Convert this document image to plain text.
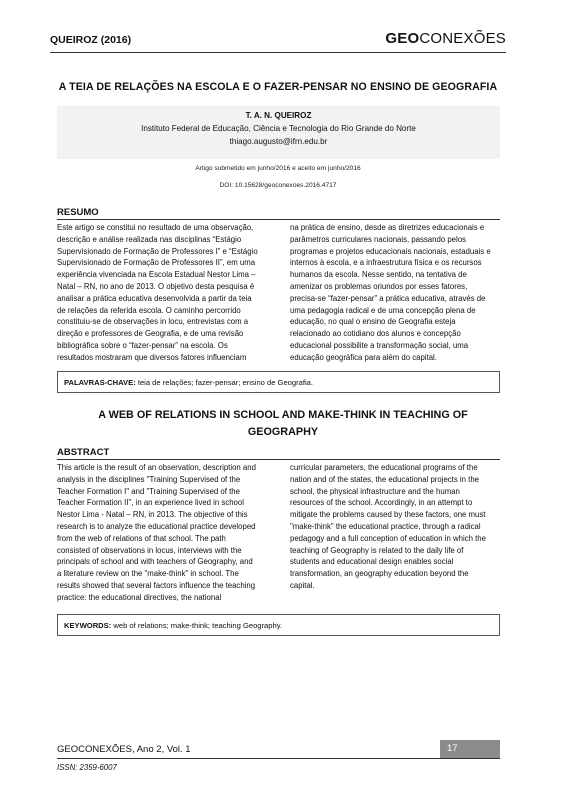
QUEIROZ (2016)	GEOCONEXÕES
A TEIA DE RELAÇÕES NA ESCOLA E O FAZER-PENSAR NO ENSINO DE GEOGRAFIA
T. A. N. QUEIROZ
Instituto Federal de Educação, Ciência e Tecnologia do Rio Grande do Norte
thiago.augusto@ifrn.edu.br
Artigo submetido em junho/2016 e aceito em junho/2016
DOI: 10.15628/geoconexoes.2016.4717
RESUMO
Este artigo se constitui no resultado de uma observação,
descrição e análise realizada nas disciplinas “Estágio
Supervisionado de Formação de Professores I” e “Estágio
Supervisionado de Formação de Professores II”, em uma
experiência vivenciada na Escola Estadual Nestor Lima –
Natal – RN, no ano de 2013. O objetivo desta pesquisa é
analisar a prática educativa desenvolvida a partir da teia
de relações da referida escola. O caminho percorrido
constituiu-se de observações in locu, entrevistas com a
direção e professores de Geografia, e de uma revisão
bibliográfica sobre o “fazer-pensar” na escola. Os
resultados mostraram que diversos fatores influenciam
na prática de ensino, desde as diretrizes educacionais e
parâmetros curriculares nacionais, passando pelos
programas e projetos educacionais nacionais, estaduais e
internos à escola, e a infraestrutura física e os recursos
humanos da escola. Nesse sentido, na tentativa de
amenizar os problemas oriundos por esses fatores,
precisa-se “fazer-pensar” a prática educativa, através de
uma pedagogia radical e de uma concepção plena de
educação, no qual o ensino de Geografia esteja
relacionado ao cotidiano dos alunos e concepção
educacional possibilite a transformação social, uma
educação geográfica para além do capital.
PALAVRAS-CHAVE: teia de relações; fazer-pensar; ensino de Geografia.
A WEB OF RELATIONS IN SCHOOL AND MAKE-THINK IN TEACHING OF
GEOGRAPHY
ABSTRACT
This article is the result of an observation, description and
analysis in the disciplines "Training Supervised of the
Teacher Formation I" and "Training Supervised of the
Teacher Formation II", in an experience lived in school
Nestor Lima - Natal – RN, in 2013. The objective of this
research is to analyze the educational practice developed
from the web of relations of that school. The path
consisted of observations in locus, interviews with the
principals of school and with teachers of Geography, and
a literature review on the "make-think" in school. The
results showed that several factors influence the teaching
practice: the educational directives, the national
curricular parameters, the educational programs of the
nation and of the states, the educational projects in the
school, the physical infrastructure and the human
resources of the school. Accordingly, in an attempt to
mitigate the problems caused by these factors, one must
"make-think" the educational practice, through a radical
pedagogy and a full conception of education in which the
teaching of Geography is related to the daily life of
students and educational design enables social
transformation, an geography education beyond the
capital.
KEYWORDS: web of relations; make-think; teaching Geography.
GEOCONEXÕES, Ano 2, Vol. 1	17
ISSN: 2359-6007
